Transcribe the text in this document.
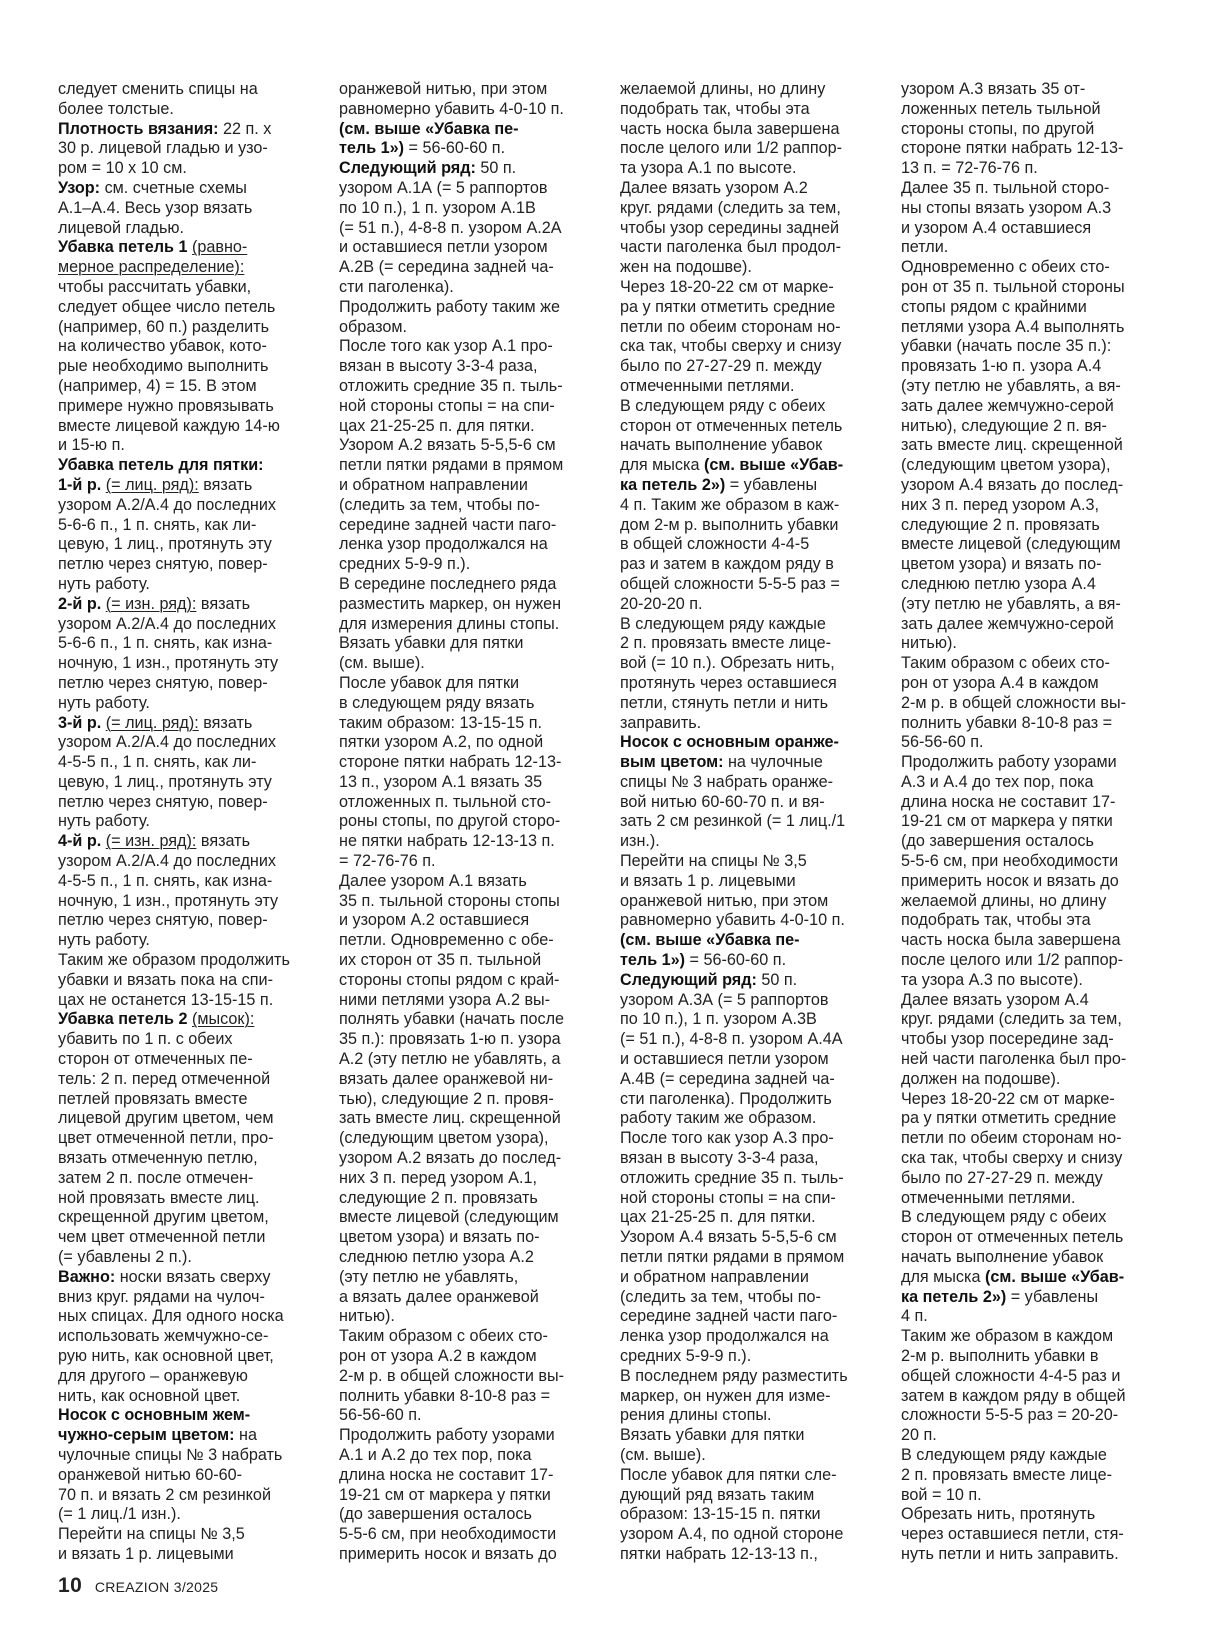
следует сменить спицы на
более толстые.
Плотность вязания: 22 п. х
30 р. лицевой гладью и узо-
ром = 10 х 10 см.
Узор: см. счетные схемы
А.1–А.4. Весь узор вязать
лицевой гладью.
Убавка петель 1 (равно-
мерное распределение):
чтобы рассчитать убавки,
следует общее число петель
(например, 60 п.) разделить
на количество убавок, кото-
рые необходимо выполнить
(например, 4) = 15. В этом
примере нужно провязывать
вместе лицевой каждую 14-ю
и 15-ю п.
Убавка петель для пятки:
1-й р. (= лиц. ряд): вязать
узором А.2/А.4 до последних
5-6-6 п., 1 п. снять, как ли-
цевую, 1 лиц., протянуть эту
петлю через снятую, повер-
нуть работу.
2-й р. (= изн. ряд): вязать
узором А.2/А.4 до последних
5-6-6 п., 1 п. снять, как изна-
ночную, 1 изн., протянуть эту
петлю через снятую, повер-
нуть работу.
3-й р. (= лиц. ряд): вязать
узором А.2/А.4 до последних
4-5-5 п., 1 п. снять, как ли-
цевую, 1 лиц., протянуть эту
петлю через снятую, повер-
нуть работу.
4-й р. (= изн. ряд): вязать
узором А.2/А.4 до последних
4-5-5 п., 1 п. снять, как изна-
ночную, 1 изн., протянуть эту
петлю через снятую, повер-
нуть работу.
Таким же образом продолжить
убавки и вязать пока на спи-
цах не останется 13-15-15 п.
Убавка петель 2 (мысок):
убавить по 1 п. с обеих
сторон от отмеченных пе-
тель: 2 п. перед отмеченной
петлей провязать вместе
лицевой другим цветом, чем
цвет отмеченной петли, про-
вязать отмеченную петлю,
затем 2 п. после отмечен-
ной провязать вместе лиц.
скрещенной другим цветом,
чем цвет отмеченной петли
(= убавлены 2 п.).
Важно: носки вязать сверху
вниз круг. рядами на чулоч-
ных спицах. Для одного носка
использовать жемчужно-се-
рую нить, как основной цвет,
для другого – оранжевую
нить, как основной цвет.
Носок с основным жем-
чужно-серым цветом: на
чулочные спицы № 3 набрать
оранжевой нитью 60-60-
70 п. и вязать 2 см резинкой
(= 1 лиц./1 изн.).
Перейти на спицы № 3,5
и вязать 1 р. лицевыми
оранжевой нитью, при этом
равномерно убавить 4-0-10 п.
(см. выше «Убавка пе-
тель 1») = 56-60-60 п.
Следующий ряд: 50 п.
узором А.1А (= 5 раппортов
по 10 п.), 1 п. узором А.1В
(= 51 п.), 4-8-8 п. узором А.2А
и оставшиеся петли узором
А.2В (= середина задней ча-
сти паголенка).
Продолжить работу таким же
образом.
После того как узор А.1 про-
вязан в высоту 3-3-4 раза,
отложить средние 35 п. тыль-
ной стороны стопы = на спи-
цах 21-25-25 п. для пятки.
Узором А.2 вязать 5-5,5-6 см
петли пятки рядами в прямом
и обратном направлении
(следить за тем, чтобы по-
середине задней части паго-
ленка узор продолжался на
средних 5-9-9 п.).
В середине последнего ряда
разместить маркер, он нужен
для измерения длины стопы.
Вязать убавки для пятки
(см. выше).
После убавок для пятки
в следующем ряду вязать
таким образом: 13-15-15 п.
пятки узором А.2, по одной
стороне пятки набрать 12-13-
13 п., узором А.1 вязать 35
отложенных п. тыльной сто-
роны стопы, по другой сторо-
не пятки набрать 12-13-13 п.
= 72-76-76 п.
Далее узором А.1 вязать
35 п. тыльной стороны стопы
и узором А.2 оставшиеся
петли. Одновременно с обе-
их сторон от 35 п. тыльной
стороны стопы рядом с край-
ними петлями узора А.2 вы-
полнять убавки (начать после
35 п.): провязать 1-ю п. узора
А.2 (эту петлю не убавлять, а
вязать далее оранжевой ни-
тью), следующие 2 п. провя-
зать вместе лиц. скрещенной
(следующим цветом узора),
узором А.2 вязать до послед-
них 3 п. перед узором А.1,
следующие 2 п. провязать
вместе лицевой (следующим
цветом узора) и вязать по-
следнюю петлю узора А.2
(эту петлю не убавлять,
а вязать далее оранжевой
нитью).
Таким образом с обеих сто-
рон от узора А.2 в каждом
2-м р. в общей сложности вы-
полнить убавки 8-10-8 раз =
56-56-60 п.
Продолжить работу узорами
А.1 и А.2 до тех пор, пока
длина носка не составит 17-
19-21 см от маркера у пятки
(до завершения осталось
5-5-6 см, при необходимости
примерить носок и вязать до
желаемой длины, но длину
подобрать так, чтобы эта
часть носка была завершена
после целого или 1/2 раппор-
та узора А.1 по высоте.
Далее вязать узором А.2
круг. рядами (следить за тем,
чтобы узор середины задней
части паголенка был продол-
жен на подошве).
Через 18-20-22 см от марке-
ра у пятки отметить средние
петли по обеим сторонам но-
ска так, чтобы сверху и снизу
было по 27-27-29 п. между
отмеченными петлями.
В следующем ряду с обеих
сторон от отмеченных петель
начать выполнение убавок
для мыска (см. выше «Убав-
ка петель 2») = убавлены
4 п. Таким же образом в каж-
дом 2-м р. выполнить убавки
в общей сложности 4-4-5
раз и затем в каждом ряду в
общей сложности 5-5-5 раз =
20-20-20 п.
В следующем ряду каждые
2 п. провязать вместе лице-
вой (= 10 п.). Обрезать нить,
протянуть через оставшиеся
петли, стянуть петли и нить
заправить.
Носок с основным оранже-
вым цветом: на чулочные
спицы № 3 набрать оранже-
вой нитью 60-60-70 п. и вя-
зать 2 см резинкой (= 1 лиц./1
изн.).
Перейти на спицы № 3,5
и вязать 1 р. лицевыми
оранжевой нитью, при этом
равномерно убавить 4-0-10 п.
(см. выше «Убавка пе-
тель 1») = 56-60-60 п.
Следующий ряд: 50 п.
узором А.3А (= 5 раппортов
по 10 п.), 1 п. узором А.3В
(= 51 п.), 4-8-8 п. узором А.4А
и оставшиеся петли узором
А.4В (= середина задней ча-
сти паголенка). Продолжить
работу таким же образом.
После того как узор А.3 про-
вязан в высоту 3-3-4 раза,
отложить средние 35 п. тыль-
ной стороны стопы = на спи-
цах 21-25-25 п. для пятки.
Узором А.4 вязать 5-5,5-6 см
петли пятки рядами в прямом
и обратном направлении
(следить за тем, чтобы по-
середине задней части паго-
ленка узор продолжался на
средних 5-9-9 п.).
В последнем ряду разместить
маркер, он нужен для изме-
рения длины стопы.
Вязать убавки для пятки
(см. выше).
После убавок для пятки сле-
дующий ряд вязать таким
образом: 13-15-15 п. пятки
узором А.4, по одной стороне
пятки набрать 12-13-13 п.,
узором А.3 вязать 35 от-
ложенных петель тыльной
стороны стопы, по другой
стороне пятки набрать 12-13-
13 п. = 72-76-76 п.
Далее 35 п. тыльной сторо-
ны стопы вязать узором А.3
и узором А.4 оставшиеся
петли.
Одновременно с обеих сто-
рон от 35 п. тыльной стороны
стопы рядом с крайними
петлями узора А.4 выполнять
убавки (начать после 35 п.):
провязать 1-ю п. узора А.4
(эту петлю не убавлять, а вя-
зать далее жемчужно-серой
нитью), следующие 2 п. вя-
зать вместе лиц. скрещенной
(следующим цветом узора),
узором А.4 вязать до послед-
них 3 п. перед узором А.3,
следующие 2 п. провязать
вместе лицевой (следующим
цветом узора) и вязать по-
следнюю петлю узора А.4
(эту петлю не убавлять, а вя-
зать далее жемчужно-серой
нитью).
Таким образом с обеих сто-
рон от узора А.4 в каждом
2-м р. в общей сложности вы-
полнить убавки 8-10-8 раз =
56-56-60 п.
Продолжить работу узорами
А.3 и А.4 до тех пор, пока
длина носка не составит 17-
19-21 см от маркера у пятки
(до завершения осталось
5-5-6 см, при необходимости
примерить носок и вязать до
желаемой длины, но длину
подобрать так, чтобы эта
часть носка была завершена
после целого или 1/2 раппор-
та узора А.3 по высоте).
Далее вязать узором А.4
круг. рядами (следить за тем,
чтобы узор посередине зад-
ней части паголенка был про-
должен на подошве).
Через 18-20-22 см от марке-
ра у пятки отметить средние
петли по обеим сторонам но-
ска так, чтобы сверху и снизу
было по 27-27-29 п. между
отмеченными петлями.
В следующем ряду с обеих
сторон от отмеченных петель
начать выполнение убавок
для мыска (см. выше «Убав-
ка петель 2») = убавлены
4 п.
Таким же образом в каждом
2-м р. выполнить убавки в
общей сложности 4-4-5 раз и
затем в каждом ряду в общей
сложности 5-5-5 раз = 20-20-
20 п.
В следующем ряду каждые
2 п. провязать вместе лице-
вой = 10 п.
Обрезать нить, протянуть
через оставшиеся петли, стя-
нуть петли и нить заправить.
10 CREAZION 3/2025
